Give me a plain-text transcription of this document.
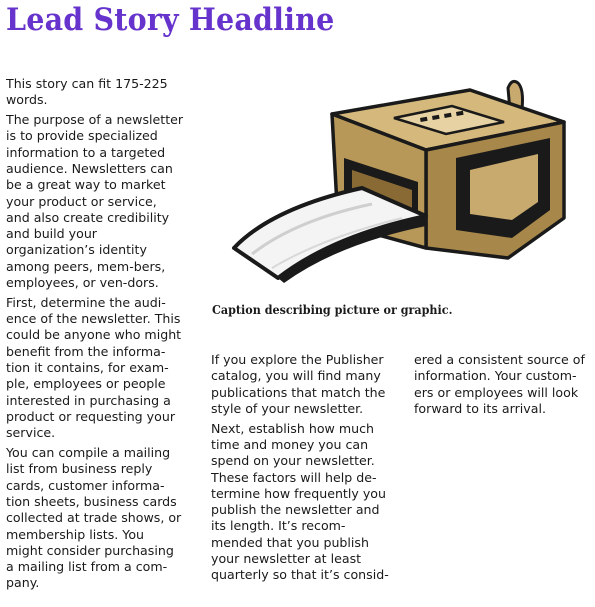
Lead Story Headline

This story can fit 175-225 words.

The purpose of a newsletter is to provide specialized information to a targeted audience. Newsletters can be a great way to market your product or service, and also create credibility and build your organization’s identity among peers, mem-bers, employees, or ven-dors.

First, determine the audi-ence of the newsletter. This could be anyone who might benefit from the informa-tion it contains, for exam-ple, employees or people interested in purchasing a product or requesting your service.

You can compile a mailing list from business reply cards, customer informa-tion sheets, business cards collected at trade shows, or membership lists. You might consider purchasing a mailing list from a com-pany.

Caption describing picture or graphic.

If you explore the Publisher catalog, you will find many publications that match the style of your newsletter.

Next, establish how much time and money you can spend on your newsletter. These factors will help de-termine how frequently you publish the newsletter and its length. It’s recom-mended that you publish your newsletter at least quarterly so that it’s consid-

ered a consistent source of information. Your custom-ers or employees will look forward to its arrival.
